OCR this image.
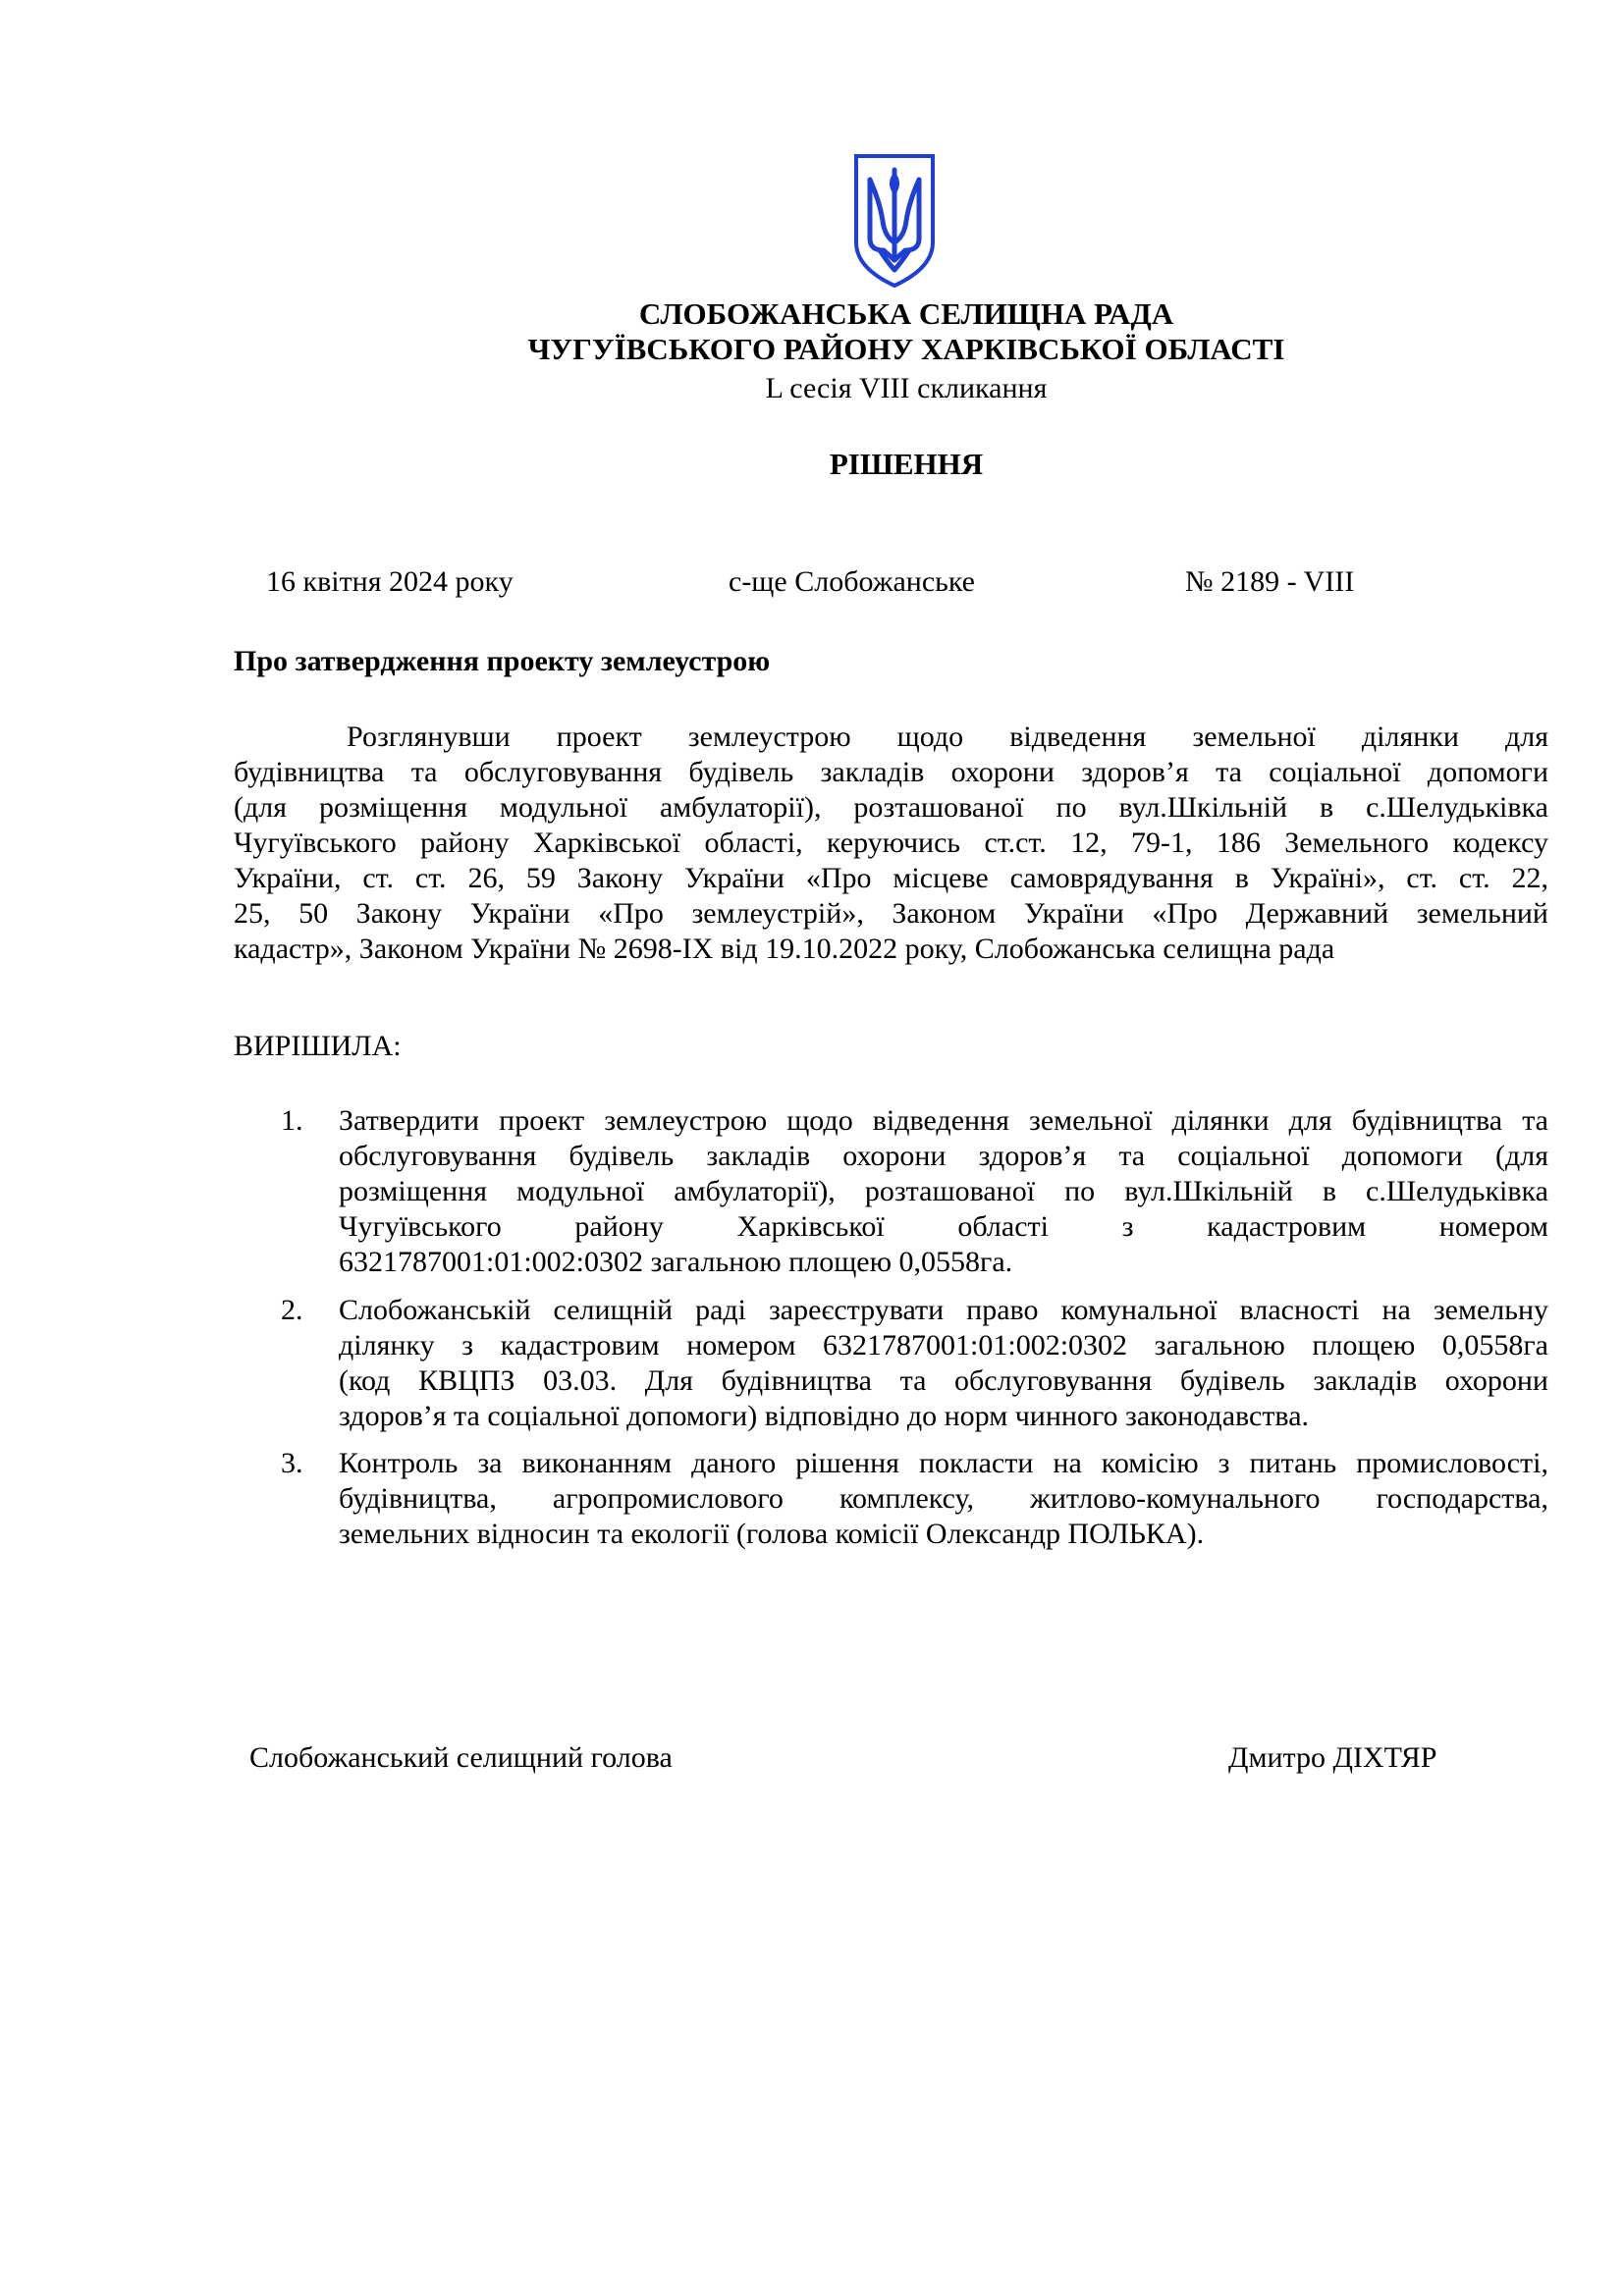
СЛОБОЖАНСЬКА СЕЛИЩНА РАДА
ЧУГУЇВСЬКОГО РАЙОНУ ХАРКІВСЬКОЇ ОБЛАСТІ
L сесія VIII скликання
РІШЕННЯ
16 квітня 2024 року	с-ще Слобожанське	№ 2189 - VIII
Про затвердження проекту землеустрою
Розглянувши проект землеустрою щодо відведення земельної ділянки для
будівництва та обслуговування будівель закладів охорони здоров’я та соціальної допомоги
(для розміщення модульної амбулаторії), розташованої по вул.Шкільній в с.Шелудьківка
Чугуївського району Харківської області, керуючись ст.ст. 12, 79-1, 186 Земельного кодексу
України, ст. ст. 26, 59 Закону України «Про місцеве самоврядування в Україні», ст. ст. 22,
25, 50 Закону України «Про землеустрій», Законом України «Про Державний земельний
кадастр», Законом України № 2698-IX від 19.10.2022 року, Слобожанська селищна рада
ВИРІШИЛА:
1. Затвердити проект землеустрою щодо відведення земельної ділянки для будівництва та
обслуговування будівель закладів охорони здоров’я та соціальної допомоги (для
розміщення модульної амбулаторії), розташованої по вул.Шкільній в с.Шелудьківка
Чугуївського району Харківської області з кадастровим номером
6321787001:01:002:0302 загальною площею 0,0558га.
2. Слобожанській селищній раді зареєструвати право комунальної власності на земельну
ділянку з кадастровим номером 6321787001:01:002:0302 загальною площею 0,0558га
(код КВЦПЗ 03.03. Для будівництва та обслуговування будівель закладів охорони
здоров’я та соціальної допомоги) відповідно до норм чинного законодавства.
3. Контроль за виконанням даного рішення покласти на комісію з питань промисловості,
будівництва, агропромислового комплексу, житлово-комунального господарства,
земельних відносин та екології (голова комісії Олександр ПОЛЬКА).
Слобожанський селищний голова	Дмитро ДІХТЯР
